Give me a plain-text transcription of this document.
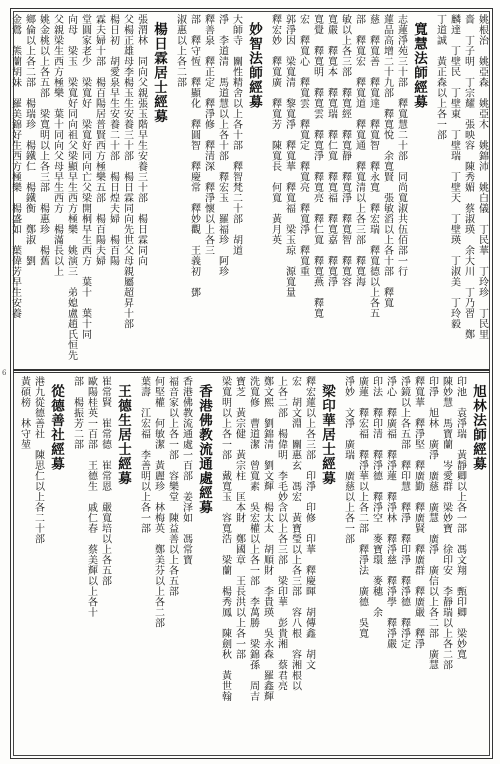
6
姚根治　姚亞森　姚亞木　姚錦沛　姚白儀　丁民華　丁玲珍　丁民里
嗇　丁子明　丁宗耀　張映容　陳秀媚　蔡淑瑛　余大川　丁乃習　鄭
麟達　丁壁民　丁壁東　丁壁瑞　丁壁天　丁壁瑛　丁淑美　丁玲毅
丁道誠　黃正森以上各一部
寬慧法師經募
志蓮淨苑三十部　釋寬慧二十部　同尚寬淑共伍佰部一行
蓮品高增二十九部　釋寬悅　余寬賢　張敏滔以上各十部　釋寬
慈　釋寬善　釋寬達　釋寬智　釋永寬　釋宏瑞　釋寬德以上各五
部　釋寬宏　釋寬道　釋寬通　釋寬清以上各三部　釋寬海
敏以上各三部　釋寬經　釋寬靜　釋寬淨　釋寬智　釋寬容
寬嚴　釋寬本　釋寬瑞　釋仁寬　釋寬福　釋寬嘉　釋寬淨
寬覺　釋寬明　釋寬雲　釋寬淨　釋寬亮　釋仁寬　釋寬燕　釋寬
宏　釋寬心　釋寬雲　釋寬定　釋寬亮　釋寬淨　釋寬重
郭淨因　梁寬清　黎寬淨　釋寬華　釋寬福　梁玉琼　源寬量
釋宏妙　釋寬廣　釋寬芳　陳寬長　何寬　黃月英
妙智法師經募
大師寺　關性精舍以上各十部　釋智梵二十部　胡道
淨　李道清　馬道慧以上各十部　釋宏玉　羅福珍　阿珍
釋善泉　釋正定　釋淨修　釋清深　釋淨懷以上各三
部　釋守恆　釋顯化　釋圓智　釋慶常　釋妙觀　王義初　鄧
淑惠以上各二部
楊日霖居士經募
張渭林　同向父親張玉階早生安養三十部　楊日霖同向
父楊正雄母李楊玉生安養三十部　楊日霖同向先世父母親屬超昇十部
楊日初　胡愛泉早生安養二十部　楊日煌夫婦　楊百陽
霖夫婦十部　楊百陽居普賢西方極樂五部　楊百陽夫婦
堂圓家老少　梁寬好　梁寬好同向亡父梁開桐早生西方　葉十　葉十同
向母　梁玉　梁寬好同向祖父梁顯早生西方極樂　姚演三　弟媳盧趙氏恒先
父親梁生西方極樂　葉十同向父母早生西方　楊滿長以上
姚金桃以上各五部　梁寬明以上各三部　楊惠珍　楊舊
鄉倫以上各二部　楊瑞珍　楊鐵仁　楊鐵衡　鄭淑　劉
金鶯　熊蘭胡妹　羅美錦好生西方極樂　楊盛如　葉偉芳早生安養
旭林法師經募
印池　袁淨瑞　黃靜卿以上各一部　馮文翔　甄印卿　梁妙寬
陳妙慧　馬寶蘭　岑愛群　梁妙寶　徐印安　李靜瑞以上各二部
印淨　旭林　廣淨　廣慈　廣慧　廣淨　廣信以上各二部　廣慧
釋寬華　釋淨堅　釋廣勤　釋廣賢　釋廣群　釋廣嚴　釋淨
淨鏡以上各五部　釋印慧　釋淨　釋印淨　釋淨德　釋淨定
淨心　釋廣福　釋淨蓮　釋淨林　釋淨慈　釋淨學　釋淨嚴
印法　釋印清　釋淨德　釋淨空　麥寶環　麥穗　余
廣蓮　釋宏福　釋淨華以上各二部　釋淨法　廣德　吳寬
淨妙　文淨　廣瑞　廣慈以上各一部
梁印華居士經募
釋宏蓮以上各三部　印淨　印修　印華　釋慶暉　胡傳鑫　胡文
宏　胡文淵　關惠玄　馮宏　黃寶瑩以上各三部　容八根　容湘根以
上各二部　楊偉明　李毛妙含以上各三部　梁印華　彭貴湘　蔡君亮
鄭文熙　劉錦清　劉文輝　楊太太　胡順財　李貴瑛　吳永森　羅鑫輝
洗寬修　曹道潔　曾寬素　吳宏權以上各一部　李萬勝　梁錦孫　周吉
寶芝　黃宗健　黃宗柱　匡本財　鄭國章　王長洪以上各一部
梁寬明以上各一部　戴寬玉　容寬浩　梁蘭　楊秀鳳　陳劍秋　黃世翰
香港佛教流通處經募
香港佛教流通處一百部　姜泽如　馮常寶
福音家以上各一部　容樂堂　陳益善以上各五部
何堅權　何敏潔　黃麗珍　林梅英　鄭美芬以上各二部
葉壽　江宏福　李善明以上各一部
王德生居士經募
崔常賢　崔常德　崔常恩　嚴寬培以上各五部
歐陽桂英一百部　王德生　戚仁春　蔡美輝以上各十
部　楊振芳二部
從德善社經募
港九從德善社　陳思仁以上各二十部
黃碩榜　林守堃
